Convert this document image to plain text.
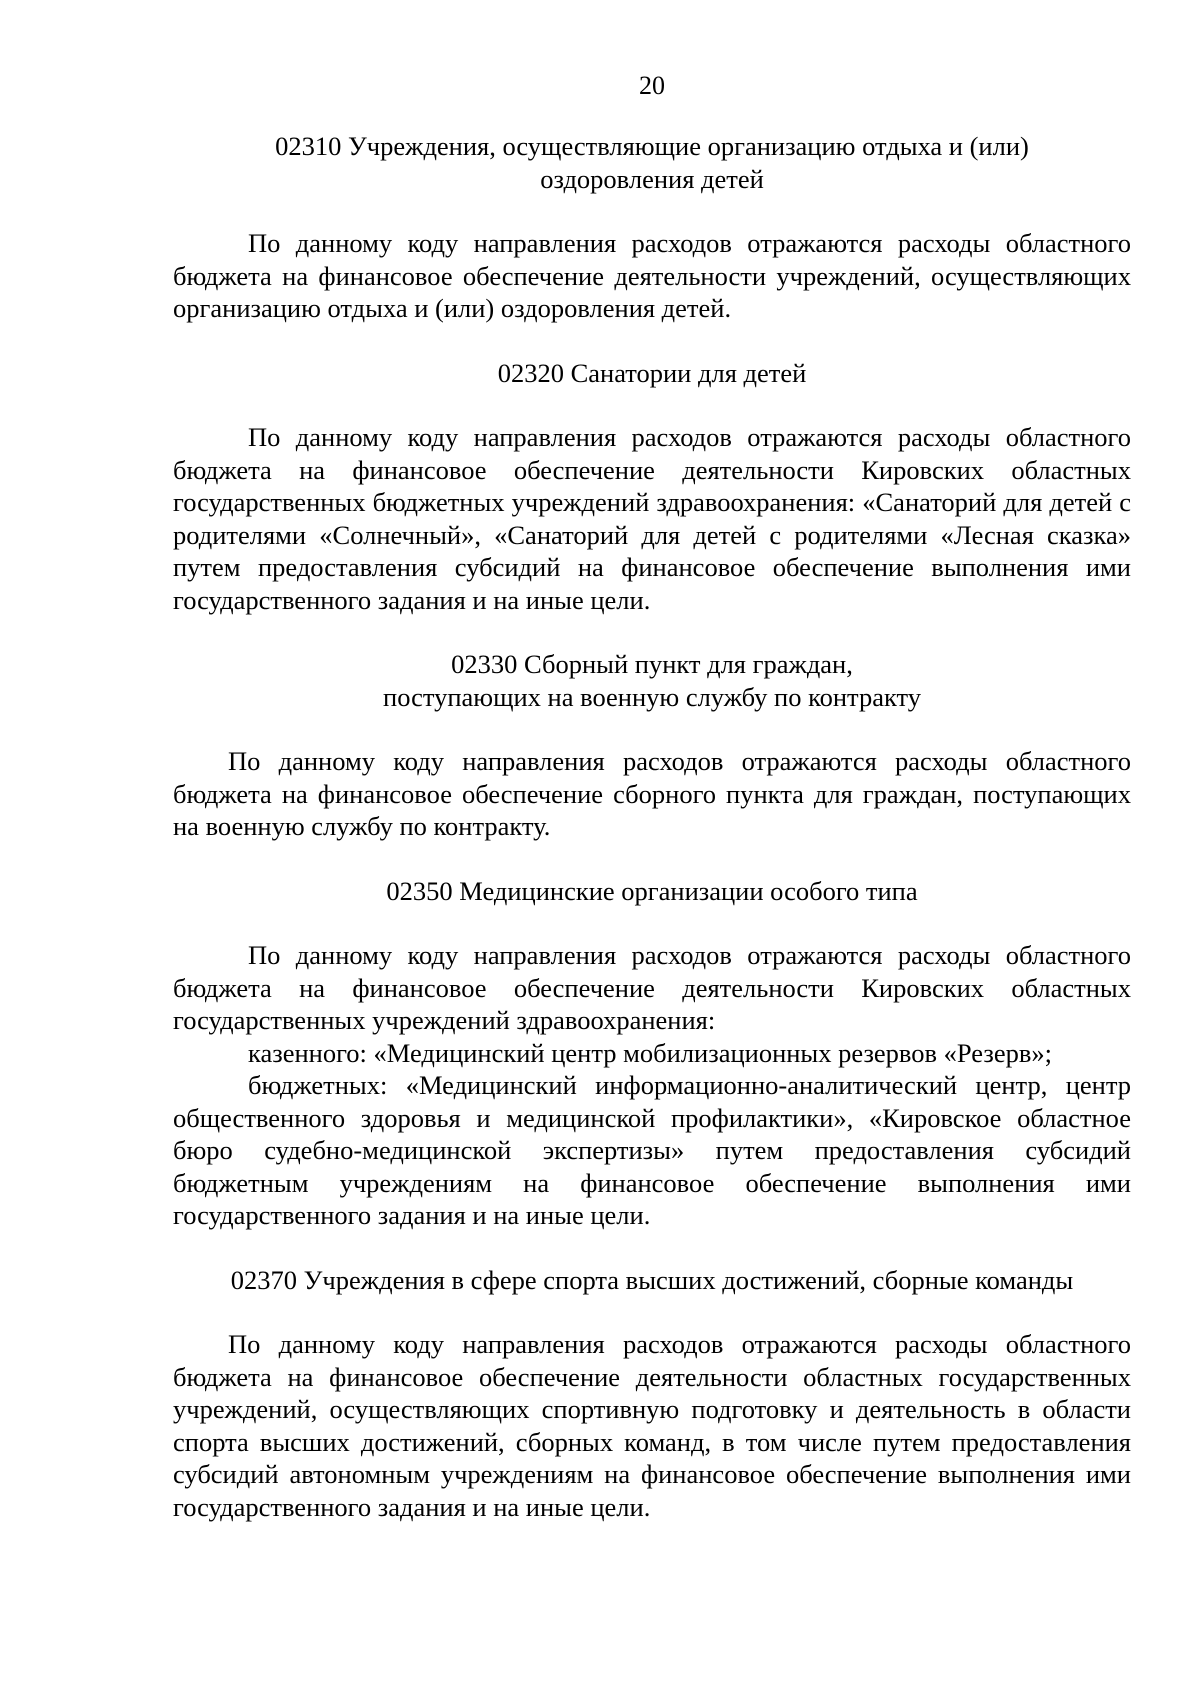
20
02310 Учреждения, осуществляющие организацию отдыха и (или)
оздоровления детей

По данному коду направления расходов отражаются расходы областного бюджета на финансовое обеспечение деятельности учреждений, осуществляющих организацию отдыха и (или) оздоровления детей.

02320 Санатории для детей

По данному коду направления расходов отражаются расходы областного бюджета на финансовое обеспечение деятельности Кировских областных государственных бюджетных учреждений здравоохранения: «Санаторий для детей с родителями «Солнечный», «Санаторий для детей с родителями «Лесная сказка» путем предоставления субсидий на финансовое обеспечение выполнения ими государственного задания и на иные цели.

02330 Сборный пункт для граждан,
поступающих на военную службу по контракту

По данному коду направления расходов отражаются расходы областного бюджета на финансовое обеспечение сборного пункта для граждан, поступающих на военную службу по контракту.

02350 Медицинские организации особого типа

По данному коду направления расходов отражаются расходы областного бюджета на финансовое обеспечение деятельности Кировских областных государственных учреждений здравоохранения:

казенного: «Медицинский центр мобилизационных резервов «Резерв»;

бюджетных: «Медицинский информационно-аналитический центр, центр общественного здоровья и медицинской профилактики», «Кировское областное бюро судебно-медицинской экспертизы» путем предоставления субсидий бюджетным учреждениям на финансовое обеспечение выполнения ими государственного задания и на иные цели.

02370 Учреждения в сфере спорта высших достижений, сборные команды

По данному коду направления расходов отражаются расходы областного бюджета на финансовое обеспечение деятельности областных государственных учреждений, осуществляющих спортивную подготовку и деятельность в области спорта высших достижений, сборных команд, в том числе путем предоставления субсидий автономным учреждениям на финансовое обеспечение выполнения ими государственного задания и на иные цели.
